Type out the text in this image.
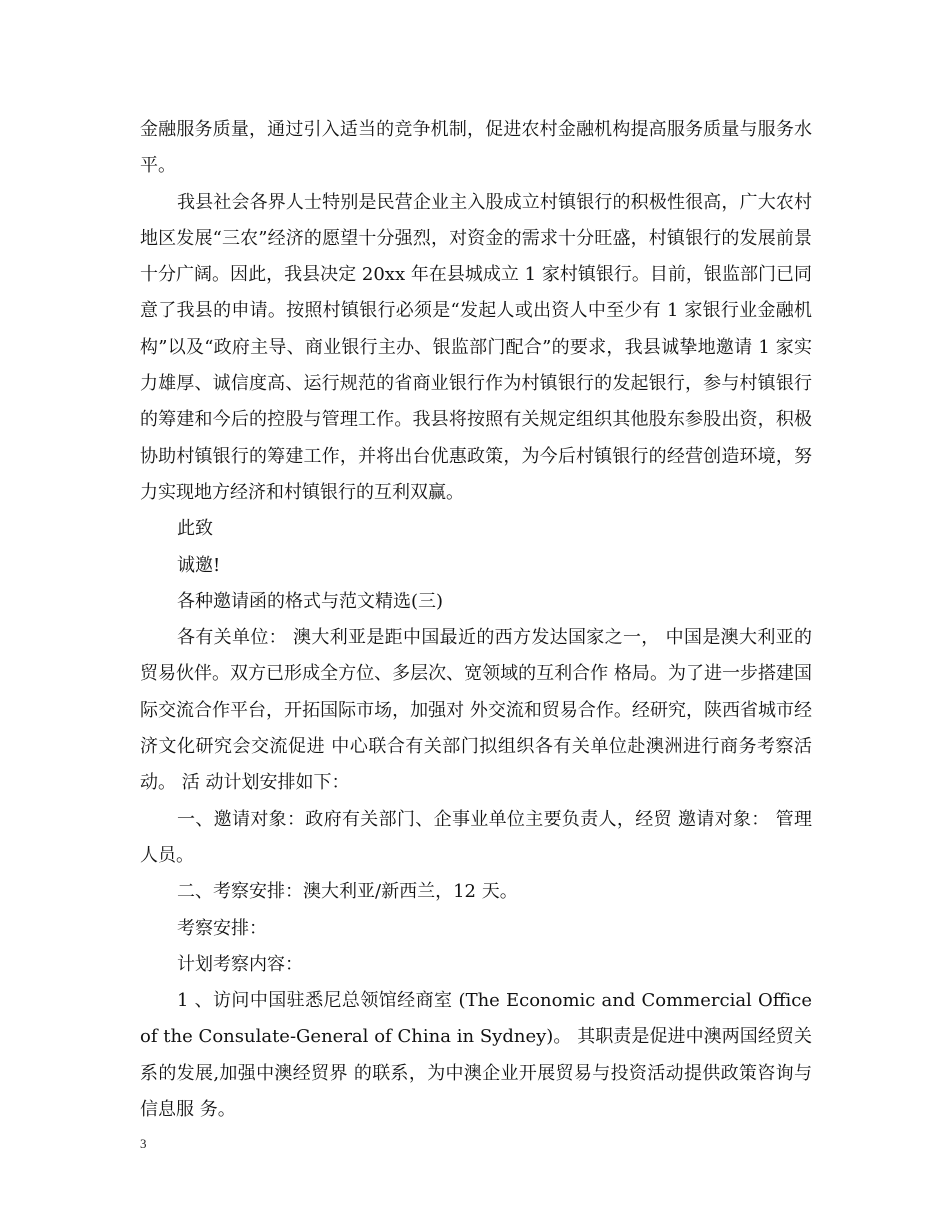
金融服务质量，通过引入适当的竞争机制，促进农村金融机构提高服务质量与服务水平。

我县社会各界人士特别是民营企业主入股成立村镇银行的积极性很高，广大农村地区发展“三农”经济的愿望十分强烈，对资金的需求十分旺盛，村镇银行的发展前景十分广阔。因此，我县决定 20xx 年在县城成立 1 家村镇银行。目前，银监部门已同意了我县的申请。按照村镇银行必须是“发起人或出资人中至少有 1 家银行业金融机构”以及“政府主导、商业银行主办、银监部门配合”的要求，我县诚挚地邀请 1 家实力雄厚、诚信度高、运行规范的省商业银行作为村镇银行的发起银行，参与村镇银行的筹建和今后的控股与管理工作。我县将按照有关规定组织其他股东参股出资，积极协助村镇银行的筹建工作，并将出台优惠政策，为今后村镇银行的经营创造环境，努力实现地方经济和村镇银行的互利双赢。

此致

诚邀!

各种邀请函的格式与范文精选(三)

各有关单位： 澳大利亚是距中国最近的西方发达国家之一， 中国是澳大利亚的贸易伙伴。双方已形成全方位、多层次、宽领域的互利合作 格局。为了进一步搭建国际交流合作平台，开拓国际市场，加强对 外交流和贸易合作。经研究，陕西省城市经济文化研究会交流促进 中心联合有关部门拟组织各有关单位赴澳洲进行商务考察活动。 活 动计划安排如下：

一、邀请对象：政府有关部门、企事业单位主要负责人，经贸 邀请对象： 管理人员。

二、考察安排：澳大利亚/新西兰，12 天。

考察安排：

计划考察内容：

1 、访问中国驻悉尼总领馆经商室 (The Economic and Commercial Office of the Consulate-General of China in Sydney)。 其职责是促进中澳两国经贸关系的发展,加强中澳经贸界 的联系，为中澳企业开展贸易与投资活动提供政策咨询与信息服 务。

3
